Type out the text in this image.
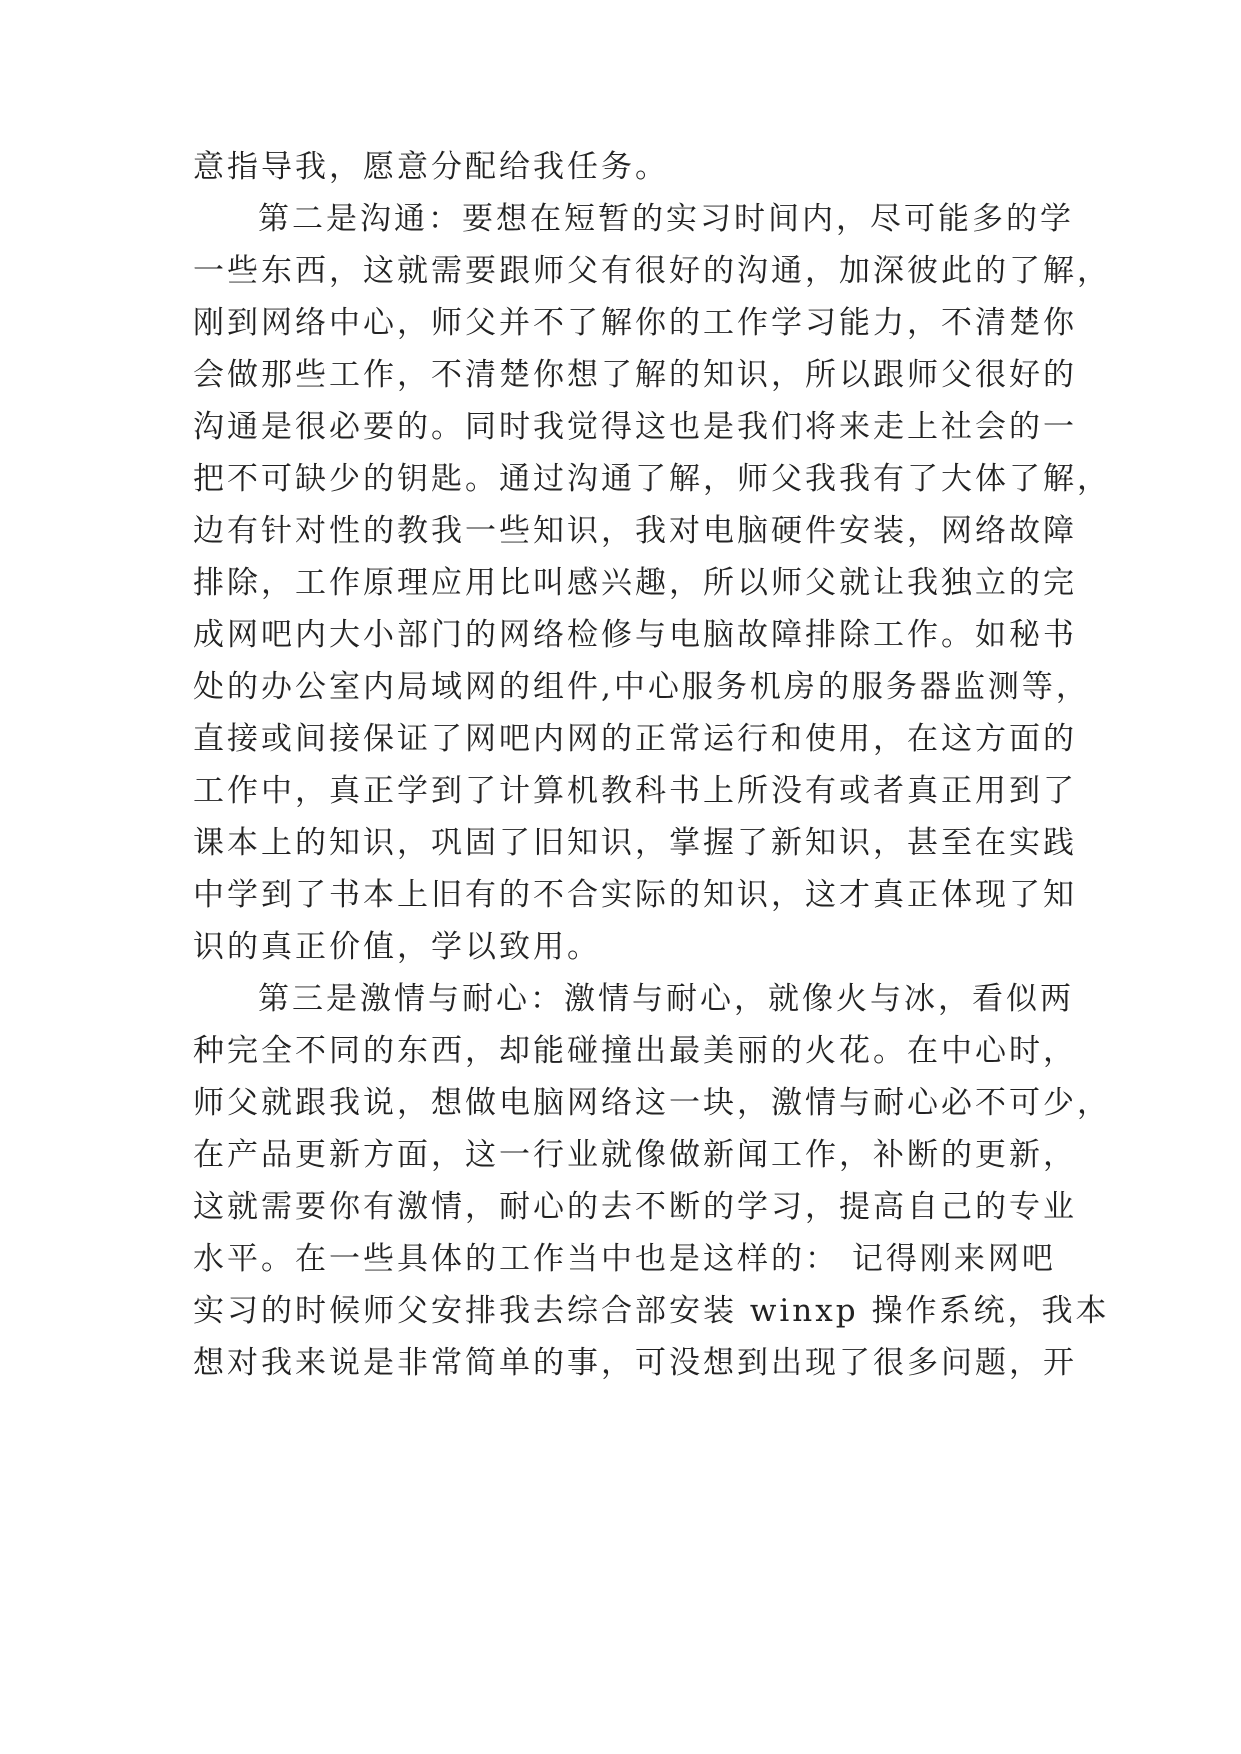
意指导我，愿意分配给我任务。
第二是沟通：要想在短暂的实习时间内，尽可能多的学
一些东西，这就需要跟师父有很好的沟通，加深彼此的了解，
刚到网络中心，师父并不了解你的工作学习能力，不清楚你
会做那些工作，不清楚你想了解的知识，所以跟师父很好的
沟通是很必要的。同时我觉得这也是我们将来走上社会的一
把不可缺少的钥匙。通过沟通了解，师父我我有了大体了解，
边有针对性的教我一些知识，我对电脑硬件安装，网络故障
排除，工作原理应用比叫感兴趣，所以师父就让我独立的完
成网吧内大小部门的网络检修与电脑故障排除工作。如秘书
处的办公室内局域网的组件,中心服务机房的服务器监测等，
直接或间接保证了网吧内网的正常运行和使用，在这方面的
工作中，真正学到了计算机教科书上所没有或者真正用到了
课本上的知识，巩固了旧知识，掌握了新知识，甚至在实践
中学到了书本上旧有的不合实际的知识，这才真正体现了知
识的真正价值，学以致用。
第三是激情与耐心：激情与耐心，就像火与冰，看似两
种完全不同的东西，却能碰撞出最美丽的火花。在中心时，
师父就跟我说，想做电脑网络这一块，激情与耐心必不可少，
在产品更新方面，这一行业就像做新闻工作，补断的更新，
这就需要你有激情，耐心的去不断的学习，提高自己的专业
水平。在一些具体的工作当中也是这样的： 记得刚来网吧
实习的时候师父安排我去综合部安装 winxp 操作系统，我本
想对我来说是非常简单的事，可没想到出现了很多问题，开
